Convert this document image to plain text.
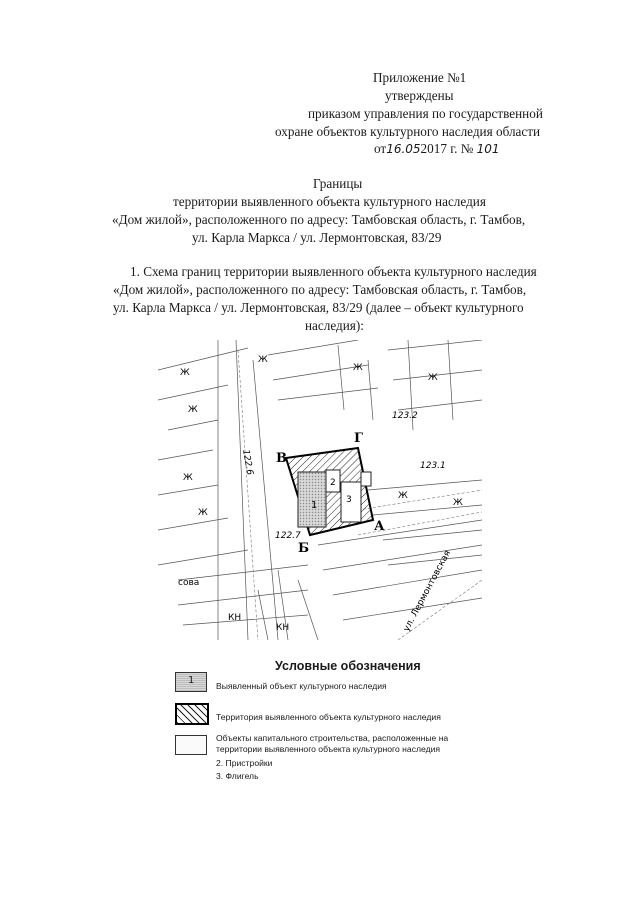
Приложение №1
утверждены
приказом управления по государственной
охране объектов культурного наследия области
от16.052017 г. № 101
Границы
территории выявленного объекта культурного наследия
«Дом жилой», расположенного по адресу: Тамбовская область, г. Тамбов,
ул. Карла Маркса / ул. Лермонтовская, 83/29
1. Схема границ территории выявленного объекта культурного наследия
«Дом жилой», расположенного по адресу: Тамбовская область, г. Тамбов,
ул. Карла Маркса / ул. Лермонтовская, 83/29 (далее – объект культурного
наследия):
В
Г
А
Б
1
2
3
123.2
123.1
122.7
122.6
Ж
Ж
Ж
Ж
Ж
Ж
Ж
Ж
Ж
КН
КН
сова	ул. Лермонтовская
Условные обозначения
1	Выявленный объект культурного наследия
Территория выявленного объекта культурного наследия
Объекты капитального строительства, расположенные на
территории выявленного объекта культурного наследия
2. Пристройки
3. Флигель
